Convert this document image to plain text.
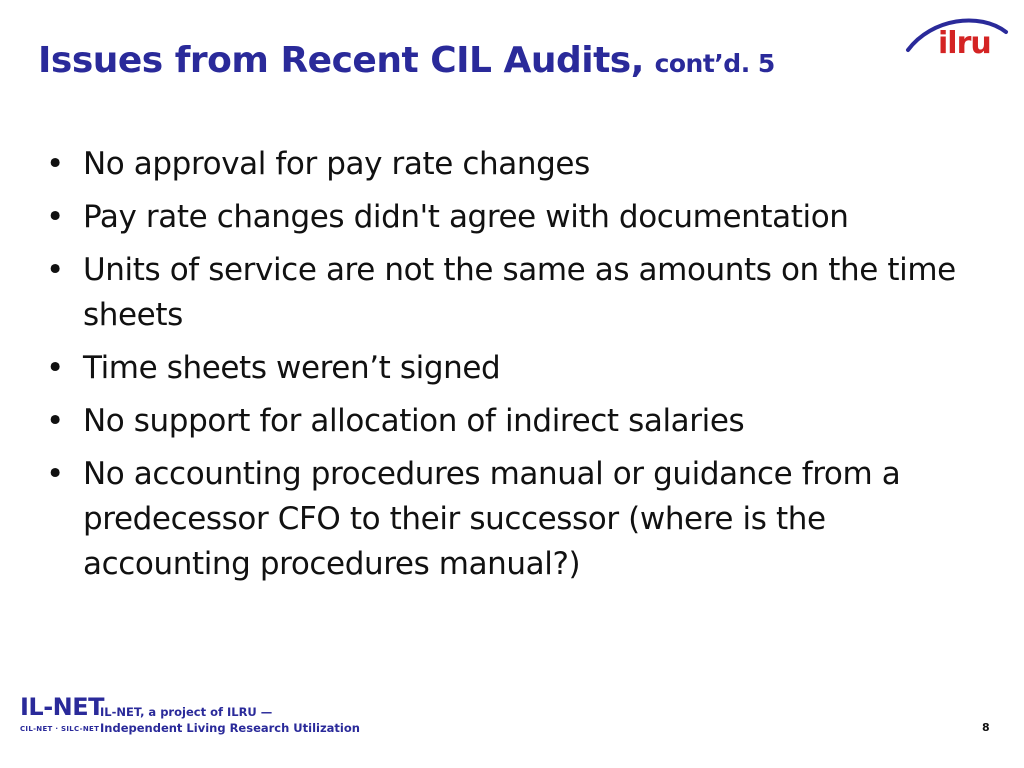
Issues from Recent CIL Audits, cont’d. 5
ilru
• No approval for pay rate changes
• Pay rate changes didn't agree with documentation
• Units of service are not the same as amounts on the time sheets
• Time sheets weren’t signed
• No support for allocation of indirect salaries
• No accounting procedures manual or guidance from a predecessor CFO to their successor (where is the accounting procedures manual?)
IL-NET
CIL-NET · SILC-NET
IL-NET, a project of ILRU —
Independent Living Research Utilization	8
